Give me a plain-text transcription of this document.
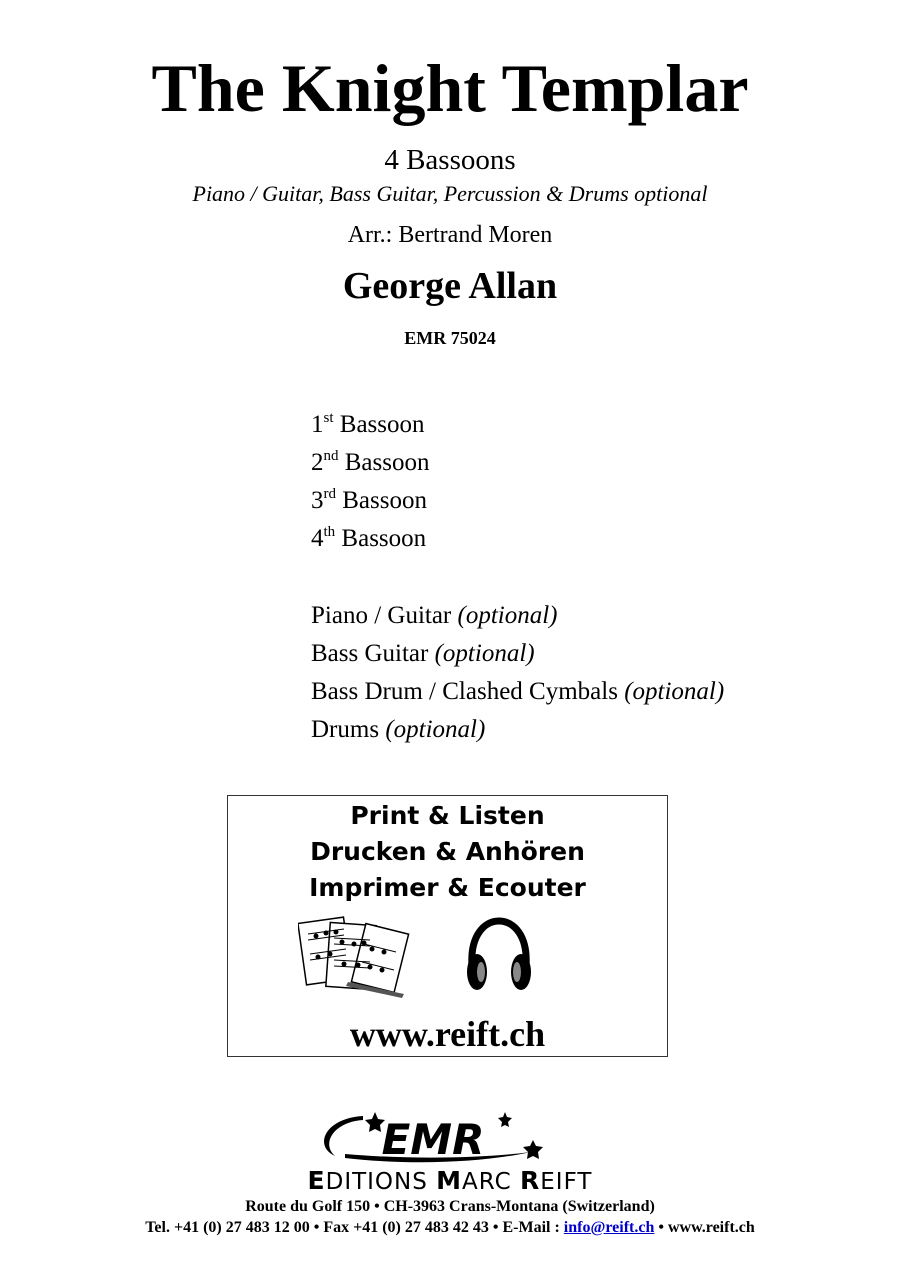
The Knight Templar
4 Bassoons
Piano / Guitar, Bass Guitar, Percussion & Drums optional
Arr.: Bertrand Moren
George Allan
EMR 75024
1st Bassoon
2nd Bassoon
3rd Bassoon
4th Bassoon
Piano / Guitar (optional)
Bass Guitar (optional)
Bass Drum / Clashed Cymbals (optional)
Drums (optional)
Print & Listen
Drucken & Anhören
Imprimer & Ecouter
www.reift.ch
EMR
EDITIONS MARC REIFT
Route du Golf 150 • CH-3963 Crans-Montana (Switzerland)
Tel. +41 (0) 27 483 12 00 • Fax +41 (0) 27 483 42 43 • E-Mail : info@reift.ch • www.reift.ch
